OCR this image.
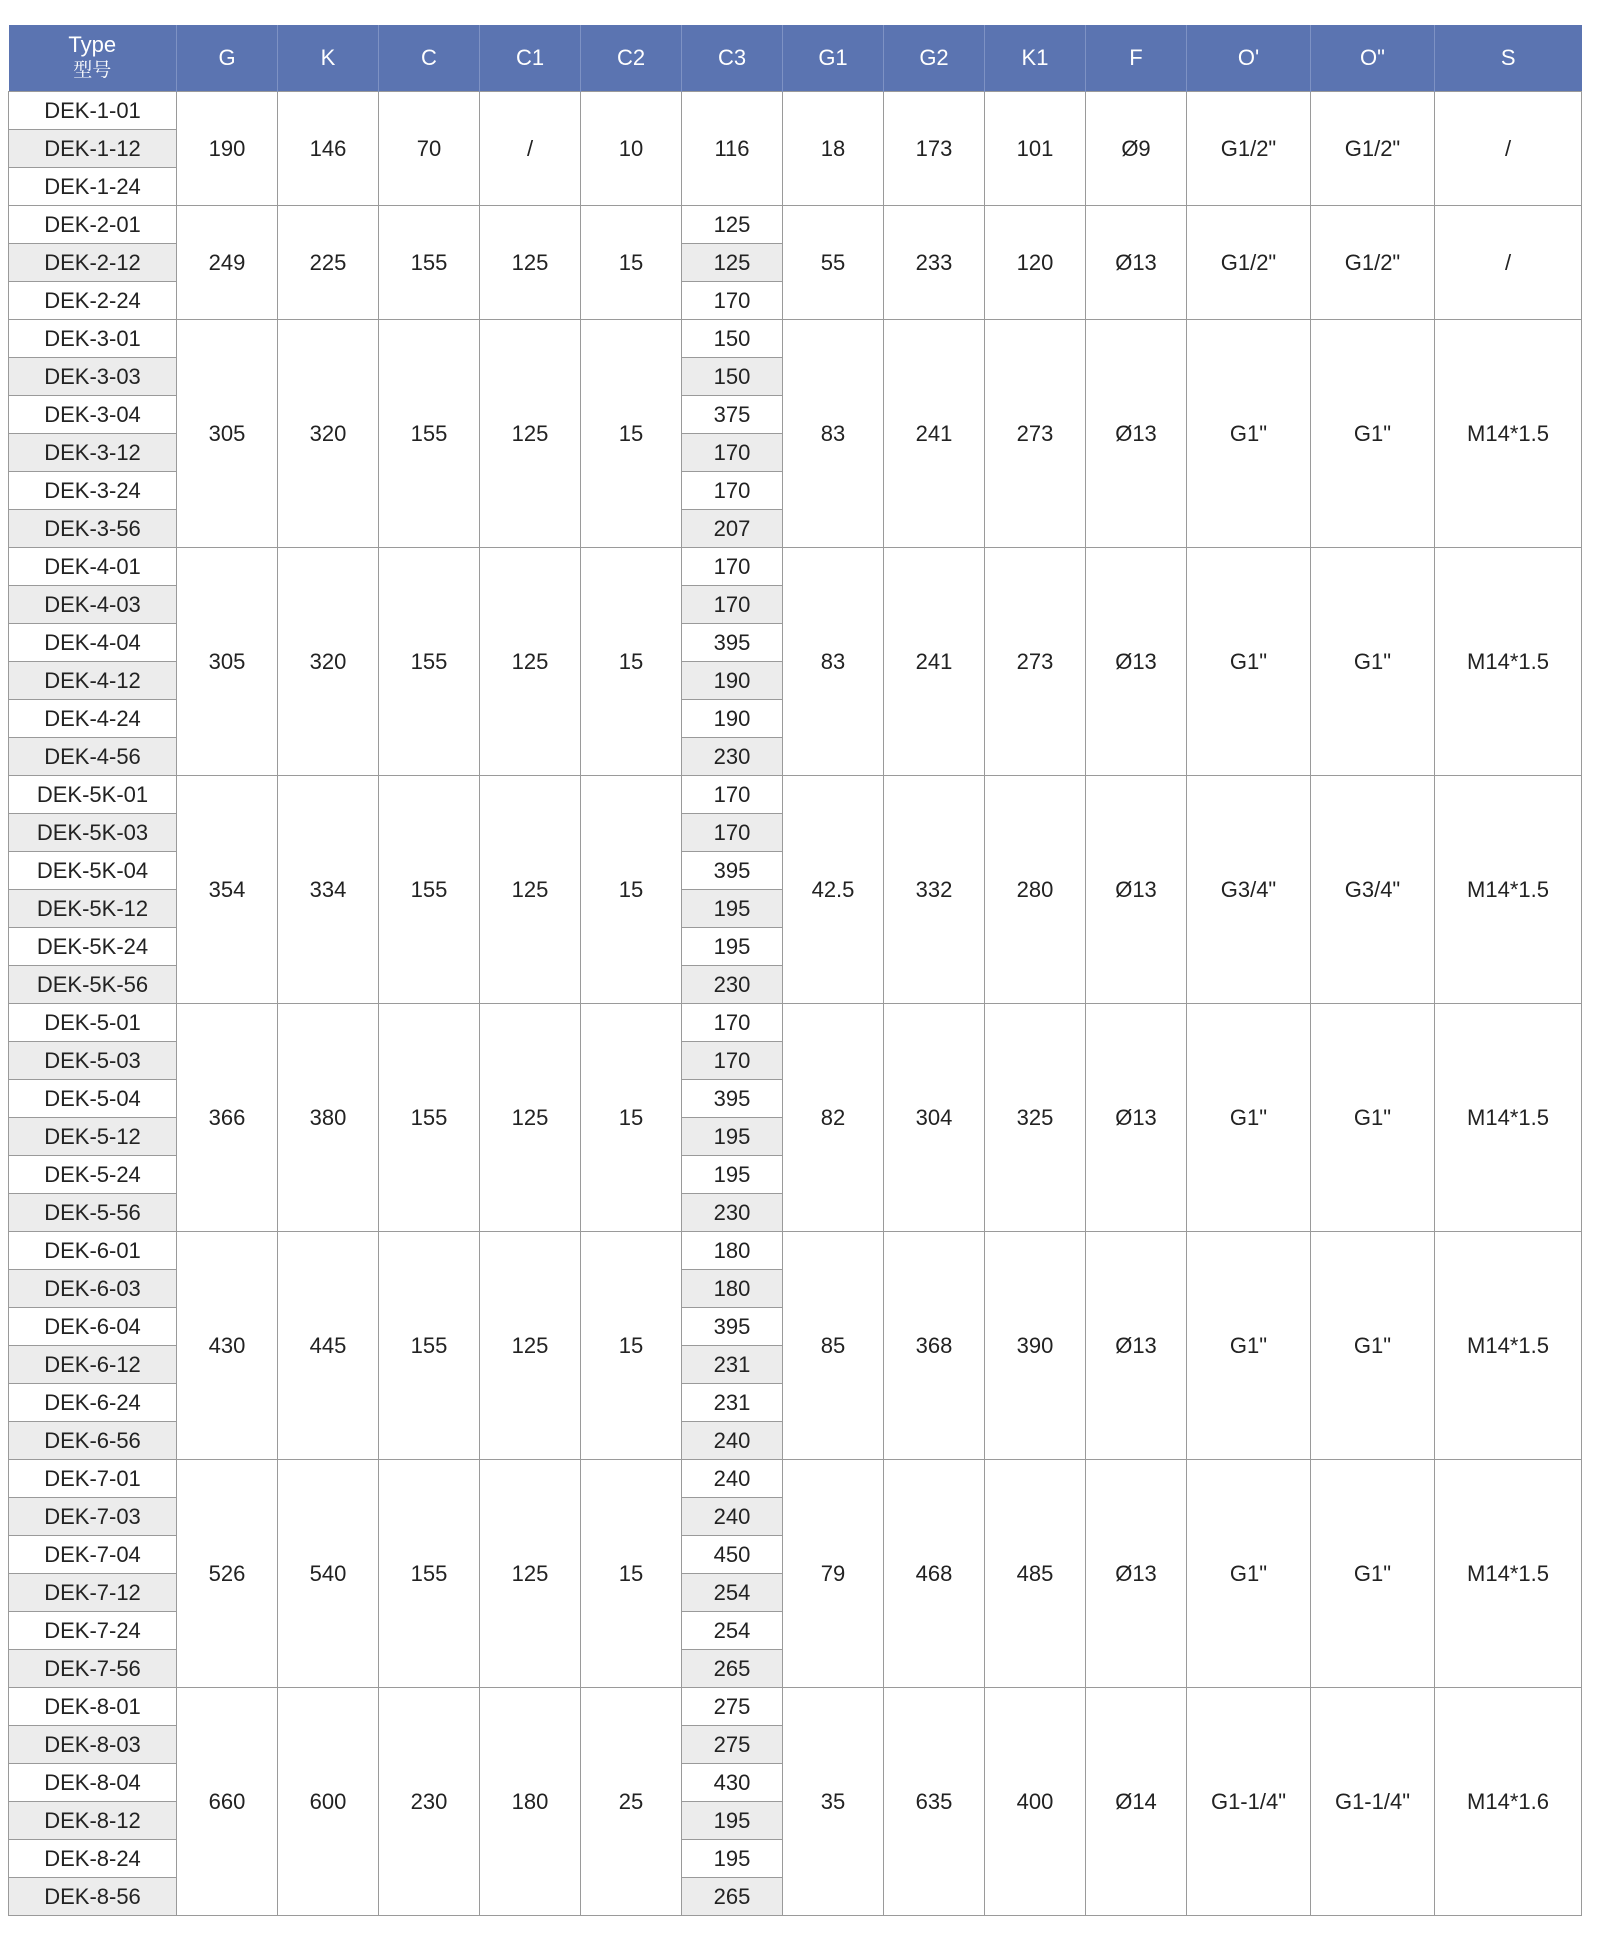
Type
型号	G	K	C	C1	C2	C3	G1	G2	K1	F	O'	O"	S
DEK-1-01	190	146	70	/	10	116	18	173	101	Ø9	G1/2"	G1/2"	/
DEK-1-12													
DEK-1-24													
DEK-2-01	249	225	155	125	15	125	55	233	120	Ø13	G1/2"	G1/2"	/
DEK-2-12						125							
DEK-2-24						170							
DEK-3-01	305	320	155	125	15	150	83	241	273	Ø13	G1"	G1"	M14*1.5
DEK-3-03						150							
DEK-3-04						375							
DEK-3-12						170							
DEK-3-24						170							
DEK-3-56						207							
DEK-4-01	305	320	155	125	15	170	83	241	273	Ø13	G1"	G1"	M14*1.5
DEK-4-03						170							
DEK-4-04						395							
DEK-4-12						190							
DEK-4-24						190							
DEK-4-56						230							
DEK-5K-01	354	334	155	125	15	170	42.5	332	280	Ø13	G3/4"	G3/4"	M14*1.5
DEK-5K-03						170							
DEK-5K-04						395							
DEK-5K-12						195							
DEK-5K-24						195							
DEK-5K-56						230							
DEK-5-01	366	380	155	125	15	170	82	304	325	Ø13	G1"	G1"	M14*1.5
DEK-5-03						170							
DEK-5-04						395							
DEK-5-12						195							
DEK-5-24						195							
DEK-5-56						230							
DEK-6-01	430	445	155	125	15	180	85	368	390	Ø13	G1"	G1"	M14*1.5
DEK-6-03						180							
DEK-6-04						395							
DEK-6-12						231							
DEK-6-24						231							
DEK-6-56						240							
DEK-7-01	526	540	155	125	15	240	79	468	485	Ø13	G1"	G1"	M14*1.5
DEK-7-03						240							
DEK-7-04						450							
DEK-7-12						254							
DEK-7-24						254							
DEK-7-56						265							
DEK-8-01	660	600	230	180	25	275	35	635	400	Ø14	G1-1/4"	G1-1/4"	M14*1.6
DEK-8-03						275							
DEK-8-04						430							
DEK-8-12						195							
DEK-8-24						195							
DEK-8-56						265							
